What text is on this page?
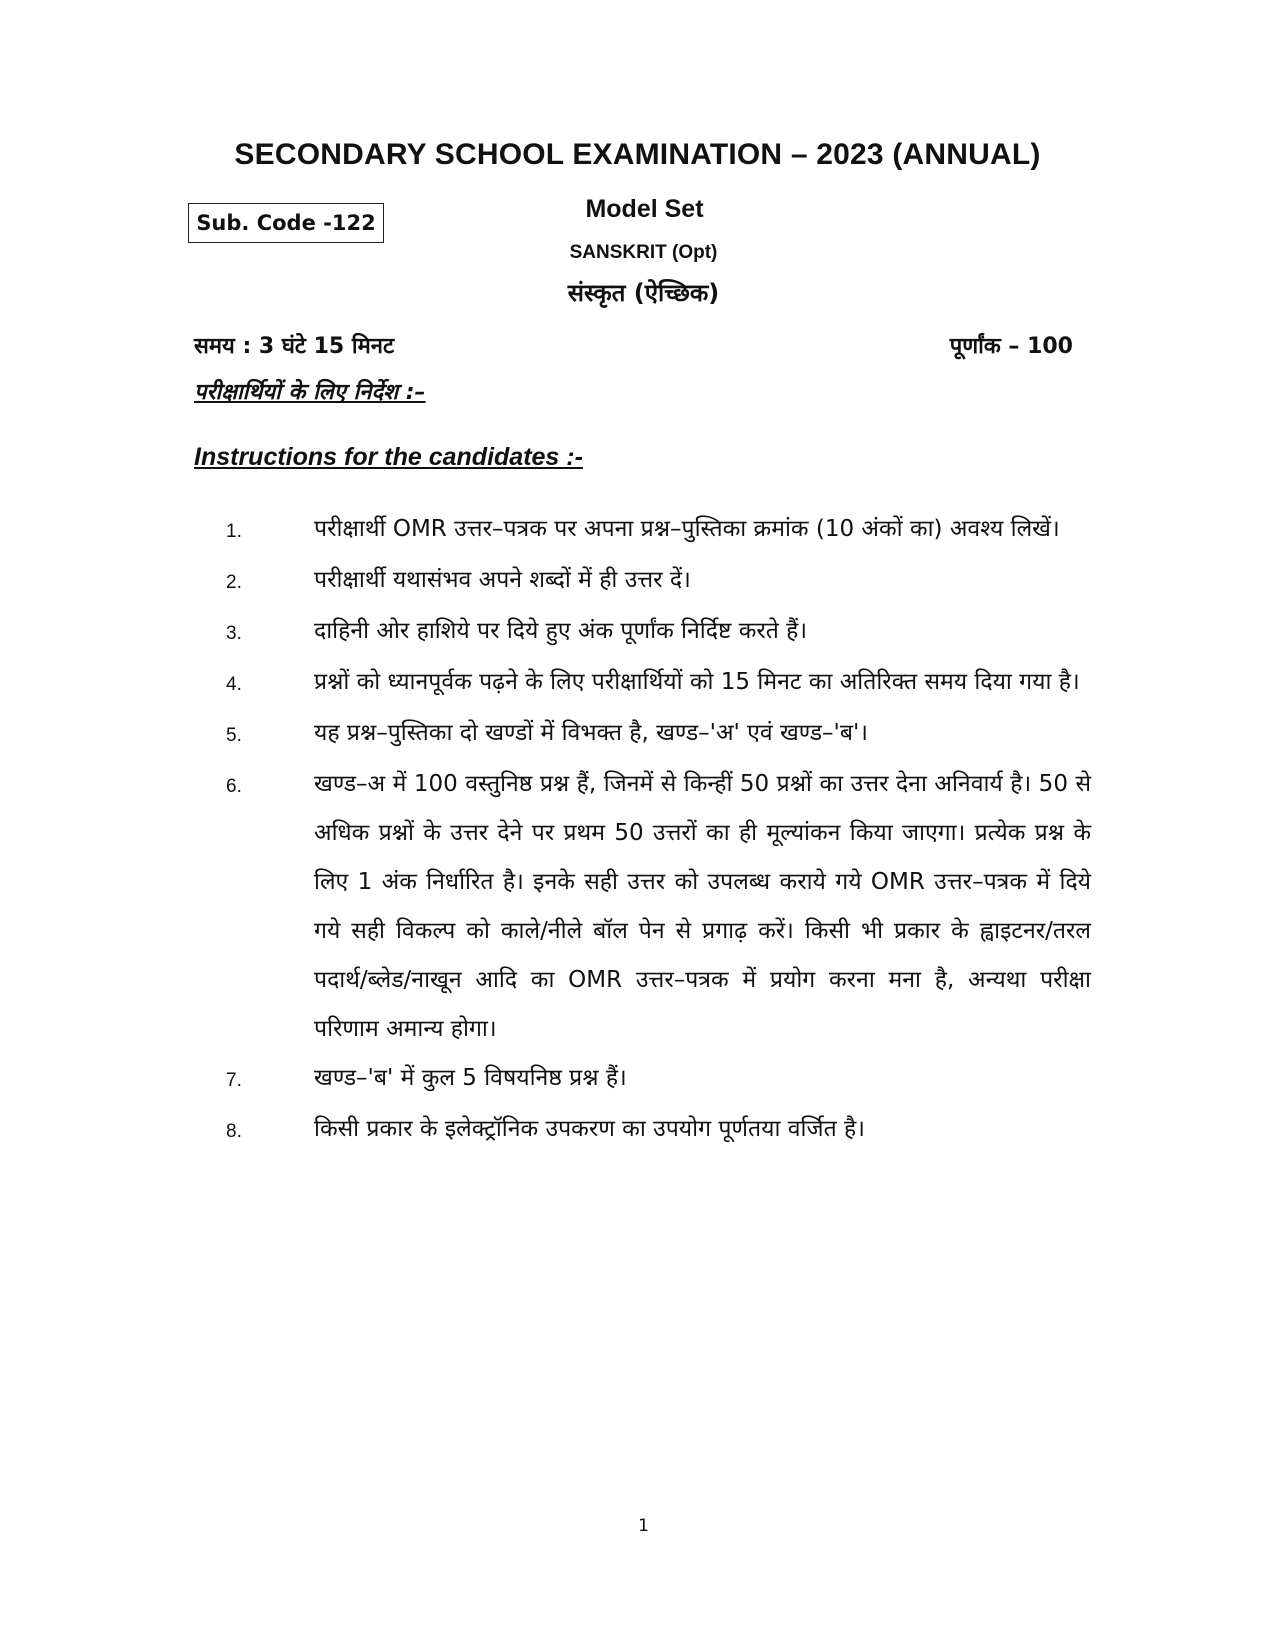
SECONDARY SCHOOL EXAMINATION – 2023 (ANNUAL)
Sub. Code -122	Model Set
SANSKRIT (Opt)
संस्कृत (ऐच्छिक)
समय : 3 घंटे 15 मिनट	पूर्णांक – 100
परीक्षार्थियों के लिए निर्देश :–
Instructions for the candidates :-
1.	परीक्षार्थी OMR उत्तर–पत्रक पर अपना प्रश्न–पुस्तिका क्रमांक (10 अंकों का) अवश्य लिखें।
2.	परीक्षार्थी यथासंभव अपने शब्दों में ही उत्तर दें।
3.	दाहिनी ओर हाशिये पर दिये हुए अंक पूर्णांक निर्दिष्ट करते हैं।
4.	प्रश्नों को ध्यानपूर्वक पढ़ने के लिए परीक्षार्थियों को 15 मिनट का अतिरिक्त समय दिया गया है।
5.	यह प्रश्न–पुस्तिका दो खण्डों में विभक्त है, खण्ड–'अ' एवं खण्ड–'ब'।
6.	खण्ड–अ में 100 वस्तुनिष्ठ प्रश्न हैं, जिनमें से किन्हीं 50 प्रश्नों का उत्तर देना अनिवार्य है। 50 से अधिक प्रश्नों के उत्तर देने पर प्रथम 50 उत्तरों का ही मूल्यांकन किया जाएगा। प्रत्येक प्रश्न के लिए 1 अंक निर्धारित है। इनके सही उत्तर को उपलब्ध कराये गये OMR उत्तर–पत्रक में दिये गये सही विकल्प को काले/नीले बॉल पेन से प्रगाढ़ करें। किसी भी प्रकार के ह्वाइटनर/तरल पदार्थ/ब्लेड/नाखून आदि का OMR उत्तर–पत्रक में प्रयोग करना मना है, अन्यथा परीक्षा परिणाम अमान्य होगा।
7.	खण्ड–'ब' में कुल 5 विषयनिष्ठ प्रश्न हैं।
8.	किसी प्रकार के इलेक्ट्रॉनिक उपकरण का उपयोग पूर्णतया वर्जित है।
1
